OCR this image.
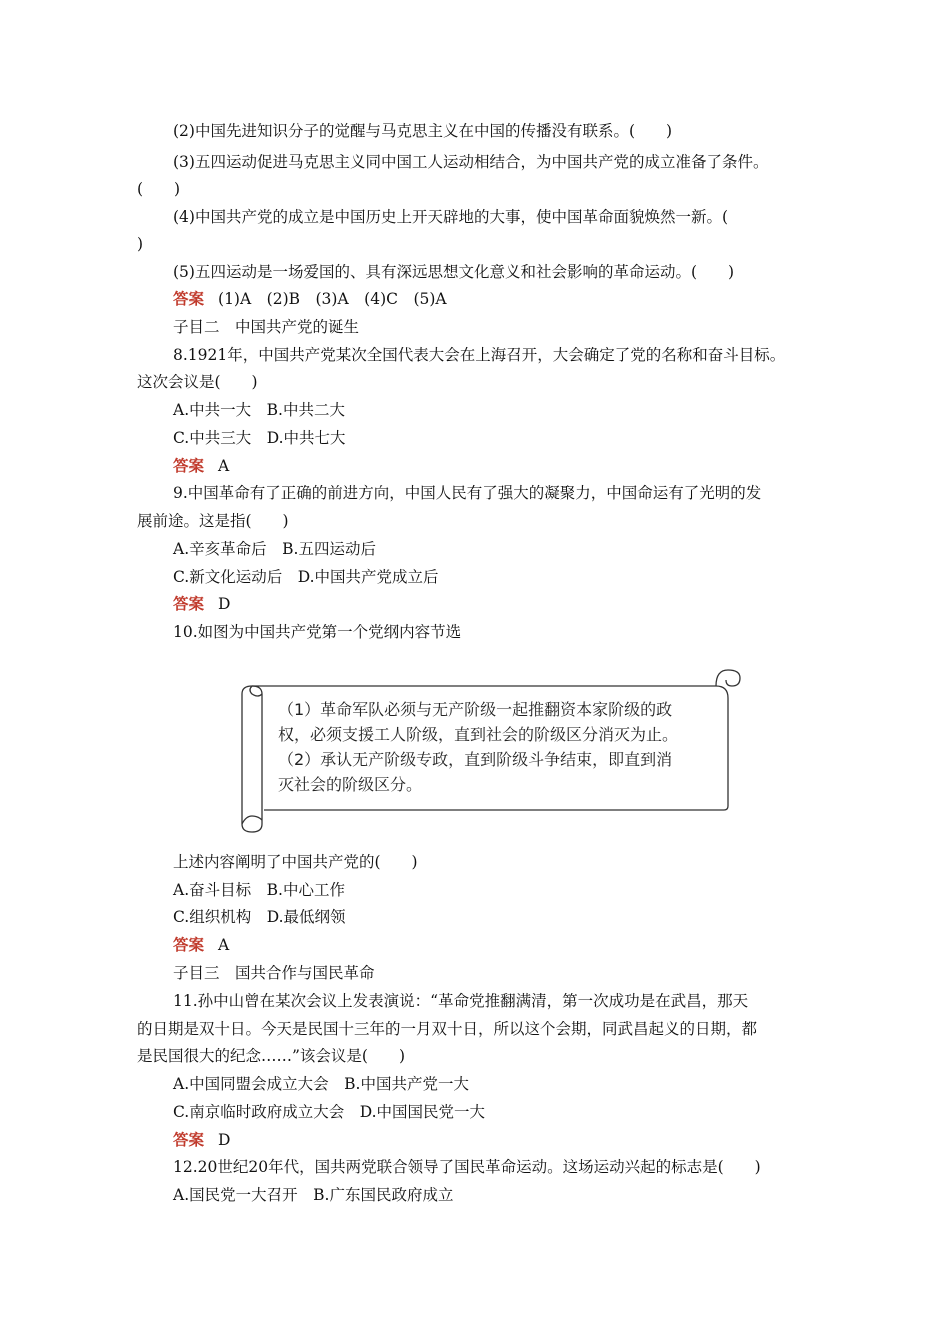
(2)中国先进知识分子的觉醒与马克思主义在中国的传播没有联系。(　　)
(3)五四运动促进马克思主义同中国工人运动相结合，为中国共产党的成立准备了条件。
(　　)
(4)中国共产党的成立是中国历史上开天辟地的大事，使中国革命面貌焕然一新。(
)
(5)五四运动是一场爱国的、具有深远思想文化意义和社会影响的革命运动。(　　)
答案 (1)A　(2)B　(3)A　(4)C　(5)A
子目二　中国共产党的诞生
8.1921年，中国共产党某次全国代表大会在上海召开，大会确定了党的名称和奋斗目标。
这次会议是(　　)
A.中共一大　B.中共二大
C.中共三大　D.中共七大
答案 A
9.中国革命有了正确的前进方向，中国人民有了强大的凝聚力，中国命运有了光明的发
展前途。这是指(　　)
A.辛亥革命后　B.五四运动后
C.新文化运动后　D.中国共产党成立后
答案 D
10.如图为中国共产党第一个党纲内容节选
（1）革命军队必须与无产阶级一起推翻资本家阶级的政
权，必须支援工人阶级，直到社会的阶级区分消灭为止。
（2）承认无产阶级专政，直到阶级斗争结束，即直到消
灭社会的阶级区分。
上述内容阐明了中国共产党的(　　)
A.奋斗目标　B.中心工作
C.组织机构　D.最低纲领
答案 A
子目三　国共合作与国民革命
11.孙中山曾在某次会议上发表演说：“革命党推翻满清，第一次成功是在武昌，那天
的日期是双十日。今天是民国十三年的一月双十日，所以这个会期，同武昌起义的日期，都
是民国很大的纪念……”该会议是(　　)
A.中国同盟会成立大会　B.中国共产党一大
C.南京临时政府成立大会　D.中国国民党一大
答案 D
12.20世纪20年代，国共两党联合领导了国民革命运动。这场运动兴起的标志是(　　)
A.国民党一大召开　B.广东国民政府成立
